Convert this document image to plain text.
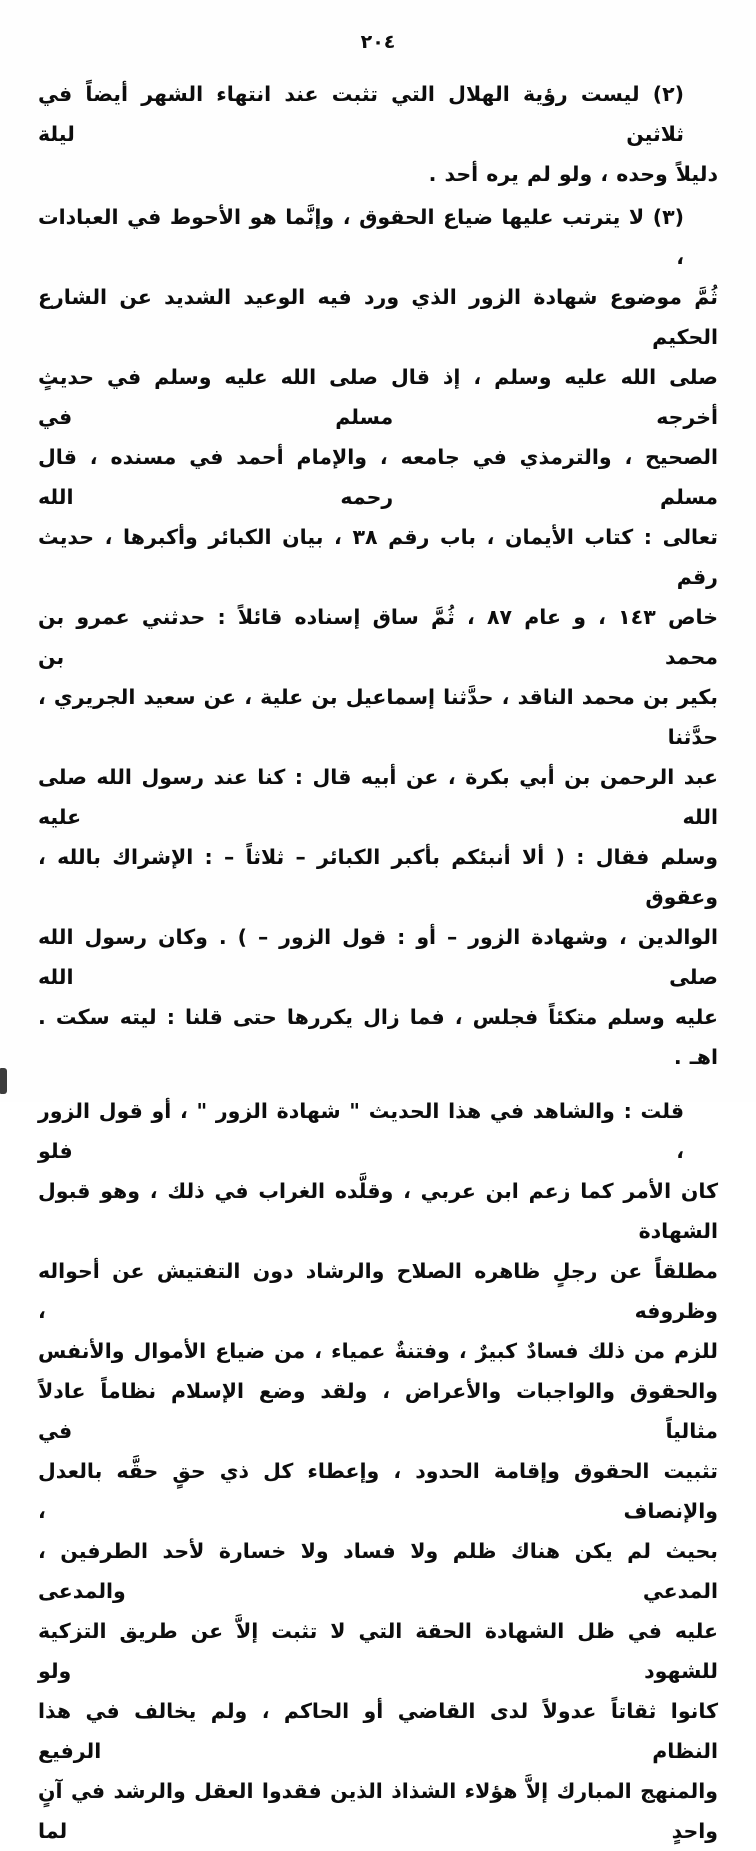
٢٠٤
(٢) ليست رؤية الهلال التي تثبت عند انتهاء الشهر أيضاً في ثلاثين ليلة
دليلاً وحده ، ولو لم يره أحد .
(٣) لا يترتب عليها ضياع الحقوق ، وإنَّما هو الأحوط في العبادات ،
ثُمَّ موضوع شهادة الزور الذي ورد فيه الوعيد الشديد عن الشارع الحكيم
صلى الله عليه وسلم ، إذ قال صلى الله عليه وسلم في حديثٍ أخرجه مسلم في
الصحيح ، والترمذي في جامعه ، والإمام أحمد في مسنده ، قال مسلم رحمه الله
تعالى : كتاب الأيمان ، باب رقم ٣٨ ، بيان الكبائر وأكبرها ، حديث رقم
خاص ١٤٣ ، و عام ٨٧ ، ثُمَّ ساق إسناده قائلاً : حدثني عمرو بن محمد بن
بكير بن محمد الناقد ، حدَّثنا إسماعيل بن علية ، عن سعيد الجريري ، حدَّثنا
عبد الرحمن بن أبي بكرة ، عن أبيه قال : كنا عند رسول الله صلى الله عليه
وسلم فقال : ( ألا أنبئكم بأكبر الكبائر – ثلاثاً – : الإشراك بالله ، وعقوق
الوالدين ، وشهادة الزور – أو : قول الزور – ) . وكان رسول الله صلى الله
عليه وسلم متكئاً فجلس ، فما زال يكررها حتى قلنا : ليته سكت . اهـ .
قلت : والشاهد في هذا الحديث " شهادة الزور " ، أو قول الزور ، فلو
كان الأمر كما زعم ابن عربي ، وقلَّده الغراب في ذلك ، وهو قبول الشهادة
مطلقاً عن رجلٍ ظاهره الصلاح والرشاد دون التفتيش عن أحواله وظروفه ،
للزم من ذلك فسادٌ كبيرٌ ، وفتنةٌ عمياء ، من ضياع الأموال والأنفس
والحقوق والواجبات والأعراض ، ولقد وضع الإسلام نظاماً عادلاً مثالياً في
تثبيت الحقوق وإقامة الحدود ، وإعطاء كل ذي حقٍ حقَّه بالعدل والإنصاف ،
بحيث لم يكن هناك ظلم ولا فساد ولا خسارة لأحد الطرفين ، المدعي والمدعى
عليه في ظل الشهادة الحقة التي لا تثبت إلاَّ عن طريق التزكية للشهود ولو
كانوا ثقاتاً عدولاً لدى القاضي أو الحاكم ، ولم يخالف في هذا النظام الرفيع
والمنهج المبارك إلاَّ هؤلاء الشذاذ الذين فقدوا العقل والرشد في آنٍ واحدٍ لما
